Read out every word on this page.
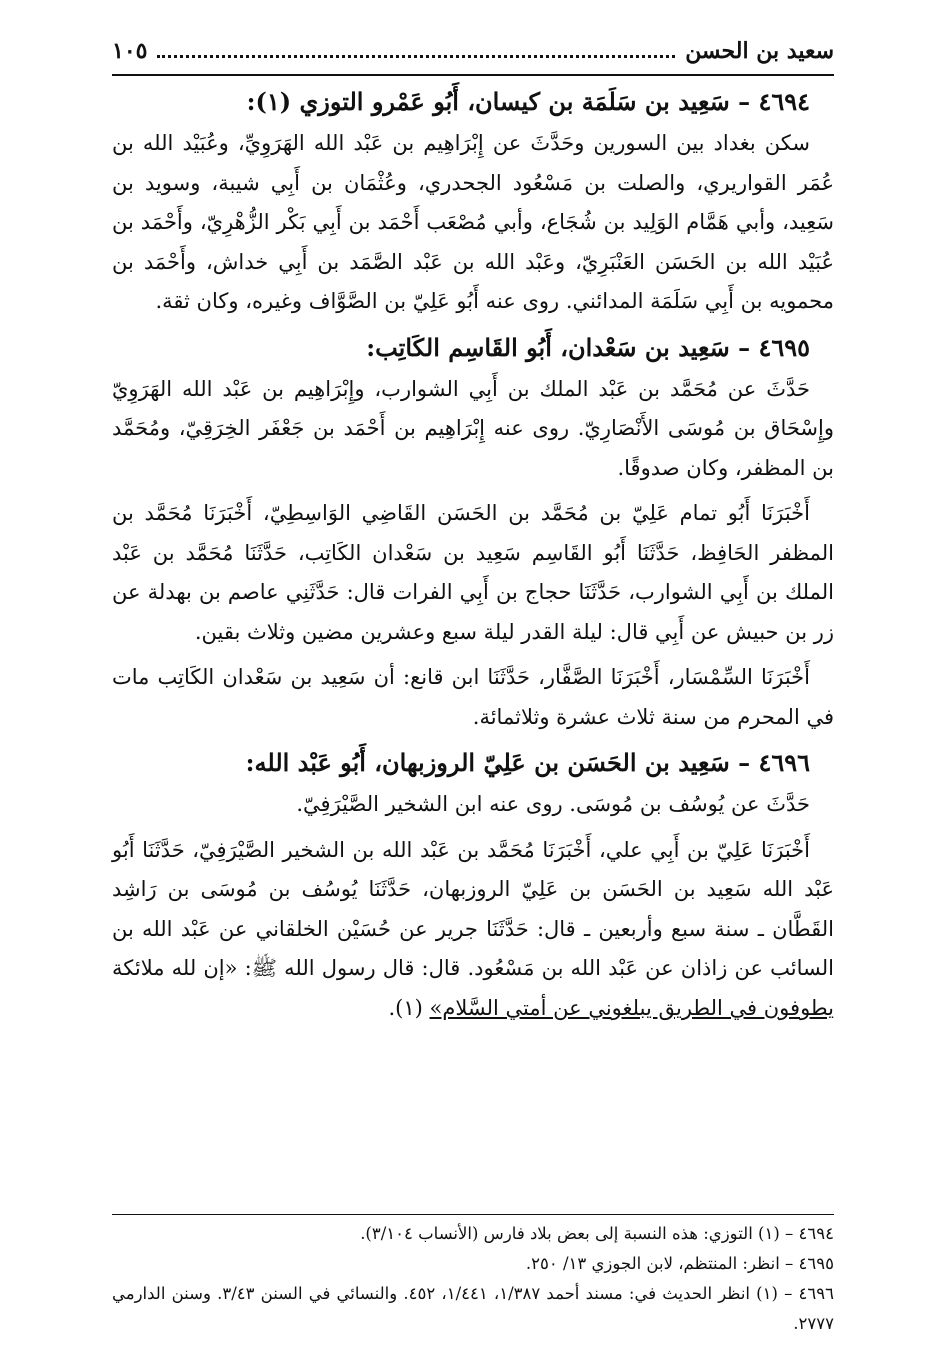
سعيد بن الحسن
١٠٥
٤٦٩٤ – سَعِيد بن سَلَمَة بن كيسان، أَبُو عَمْرو التوزي (١):

سكن بغداد بين السورين وحَدَّثَ عن إِبْرَاهِيم بن عَبْد الله الهَرَوِيِّ، وعُبَيْد الله بن عُمَر القواريري، والصلت بن مَسْعُود الجحدري، وعُثْمَان بن أَبِي شيبة، وسويد بن سَعِيد، وأبي هَمَّام الوَلِيد بن شُجَاع، وأبي مُصْعَب أَحْمَد بن أَبِي بَكْر الزُّهْرِيّ، وأَحْمَد بن عُبَيْد الله بن الحَسَن العَنْبَرِيّ، وعَبْد الله بن عَبْد الصَّمَد بن أَبِي خداش، وأَحْمَد بن محمويه بن أَبِي سَلَمَة المدائني. روى عنه أَبُو عَلِيّ بن الصَّوَّاف وغيره، وكان ثقة.

٤٦٩٥ – سَعِيد بن سَعْدان، أَبُو القَاسِم الكَاتِب:

حَدَّثَ عن مُحَمَّد بن عَبْد الملك بن أَبِي الشوارب، وإِبْرَاهِيم بن عَبْد الله الهَرَوِيّ وإِسْحَاق بن مُوسَى الأَنْصَارِيّ. روى عنه إِبْرَاهِيم بن أَحْمَد بن جَعْفَر الخِرَقِيّ، ومُحَمَّد بن المظفر، وكان صدوقًا.

أَخْبَرَنَا أَبُو تمام عَلِيّ بن مُحَمَّد بن الحَسَن القَاضِي الوَاسِطِيّ، أَخْبَرَنَا مُحَمَّد بن المظفر الحَافِظ، حَدَّثَنَا أَبُو القَاسِم سَعِيد بن سَعْدان الكَاتِب، حَدَّثَنَا مُحَمَّد بن عَبْد الملك بن أَبِي الشوارب، حَدَّثَنَا حجاج بن أَبِي الفرات قال: حَدَّثَنِي عاصم بن بهدلة عن زر بن حبيش عن أَبِي قال: ليلة القدر ليلة سبع وعشرين مضين وثلاث بقين.

أَخْبَرَنَا السِّمْسَار، أَخْبَرَنَا الصَّفَّار، حَدَّثَنَا ابن قانع: أن سَعِيد بن سَعْدان الكَاتِب مات في المحرم من سنة ثلاث عشرة وثلاثمائة.

٤٦٩٦ – سَعِيد بن الحَسَن بن عَلِيّ الروزبهان، أَبُو عَبْد الله:

حَدَّثَ عن يُوسُف بن مُوسَى. روى عنه ابن الشخير الصَّيْرَفِيّ.

أَخْبَرَنَا عَلِيّ بن أَبِي علي، أَخْبَرَنَا مُحَمَّد بن عَبْد الله بن الشخير الصَّيْرَفِيّ، حَدَّثَنَا أَبُو عَبْد الله سَعِيد بن الحَسَن بن عَلِيّ الروزبهان، حَدَّثَنَا يُوسُف بن مُوسَى بن رَاشِد القَطَّان ـ سنة سبع وأربعين ـ قال: حَدَّثَنَا جرير عن حُسَيْن الخلقاني عن عَبْد الله بن السائب عن زاذان عن عَبْد الله بن مَسْعُود. قال: قال رسول الله ﷺ: «إن لله ملائكة يطوفون في الطريق يبلغوني عن أمتي السَّلام» (١).

٤٦٩٤ – (١) التوزي: هذه النسبة إلى بعض بلاد فارس (الأنساب ٣/١٠٤).

٤٦٩٥ – انظر: المنتظم، لابن الجوزي ١٣/ ٢٥٠.

٤٦٩٦ – (١) انظر الحديث في: مسند أحمد ١/٣٨٧، ١/٤٤١، ٤٥٢. والنسائي في السنن ٣/٤٣. وسنن الدارمي ٢٧٧٧.
